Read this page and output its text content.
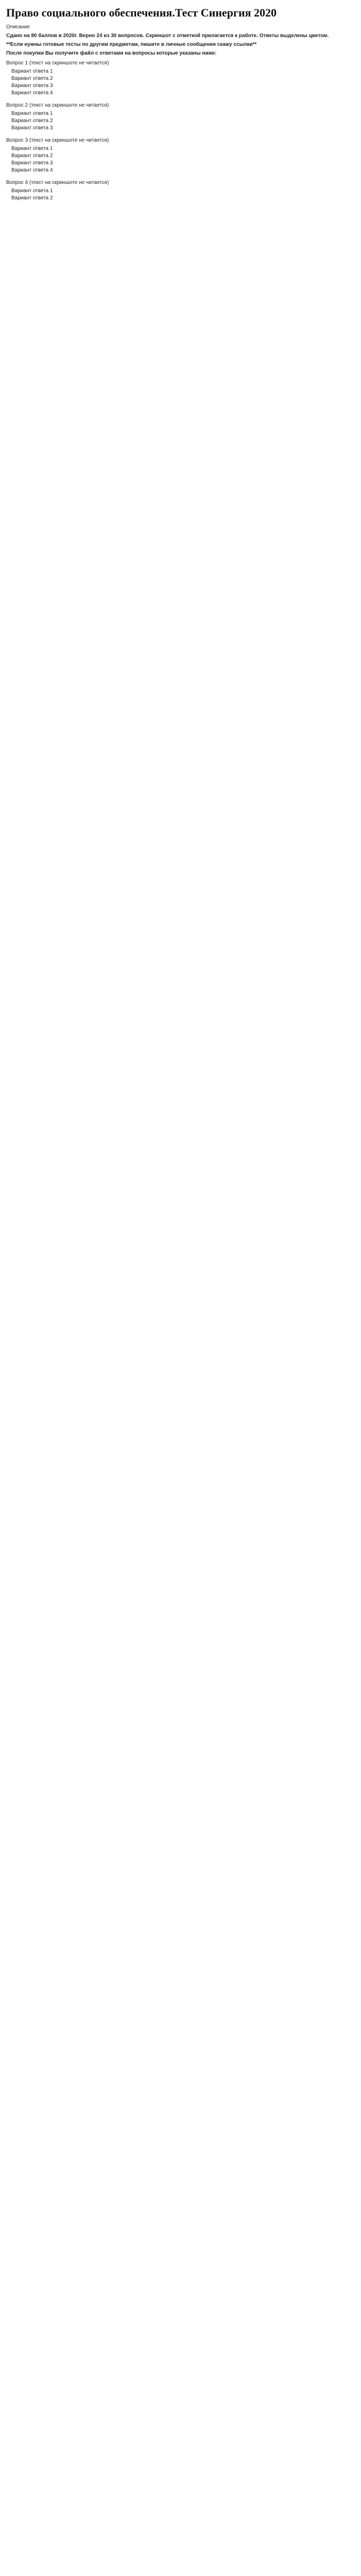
Право социального обеспечения.Тест Синергия 2020

Описание

Сдано на 80 баллов в 2020г. Верно 24 из 30 вопросов. Скриншот с отметкой прилагается к работе. Ответы выделены цветом.

**Если нужны готовые тесты по другим предметам, пишите в личные сообщения скажу ссылки**

После покупки Вы получите файл с ответами на вопросы которые указаны ниже:

Вопрос 1 (текст на скриншоте не читается)
Вариант ответа 1
Вариант ответа 2
Вариант ответа 3
Вариант ответа 4
Вопрос 2 (текст на скриншоте не читается)
Вариант ответа 1
Вариант ответа 2
Вариант ответа 3
Вопрос 3 (текст на скриншоте не читается)
Вариант ответа 1
Вариант ответа 2
Вариант ответа 3
Вариант ответа 4
Вопрос 4 (текст на скриншоте не читается)
Вариант ответа 1
Вариант ответа 2
